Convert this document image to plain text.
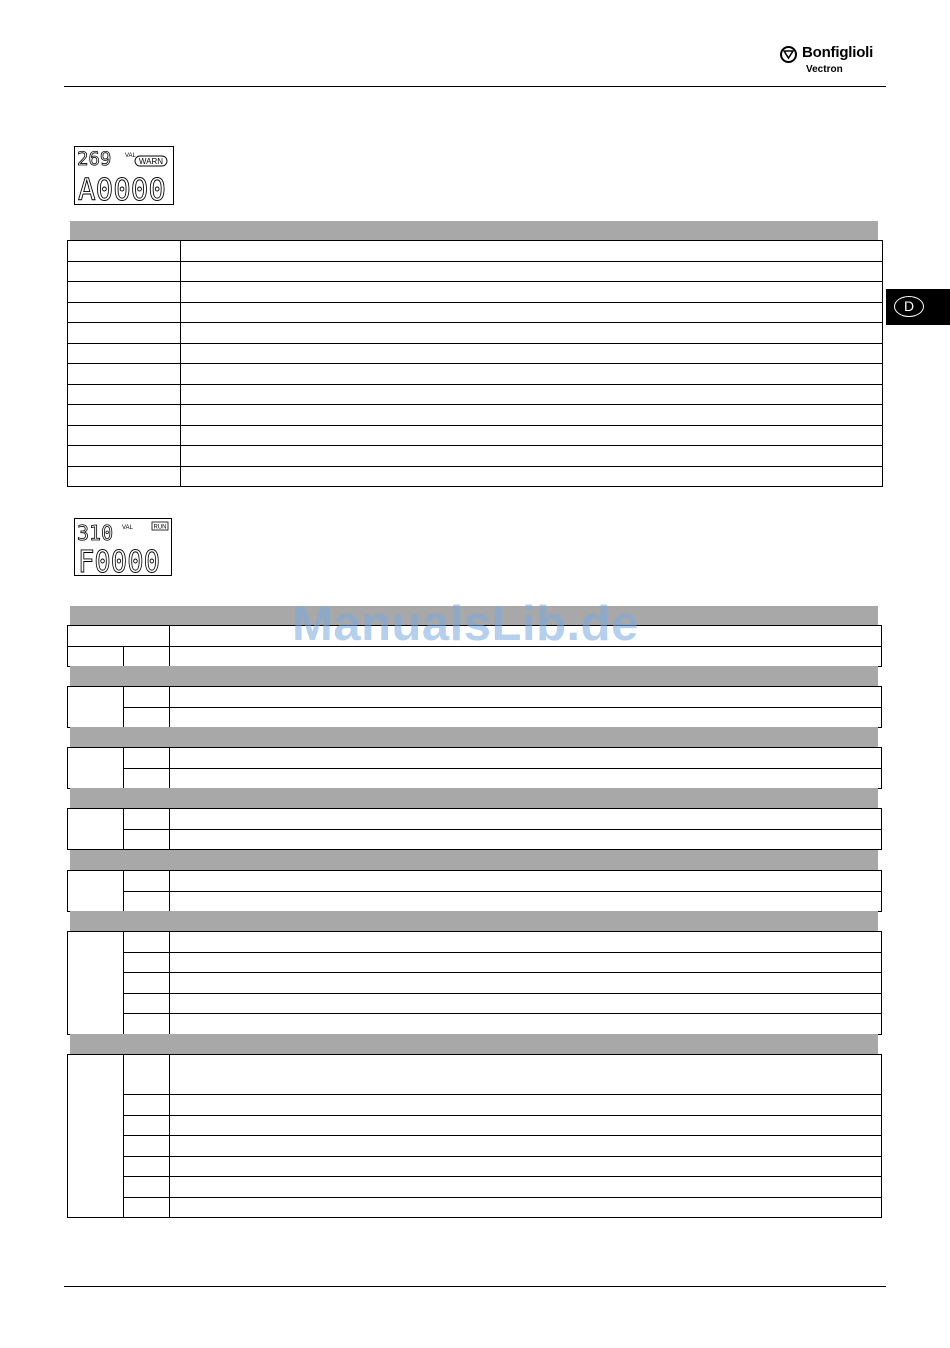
Bonfiglioli
Vectron
D
269 VAL
WARN
A0000

310 VAL	RUN
F0000

ManualsLib.de
